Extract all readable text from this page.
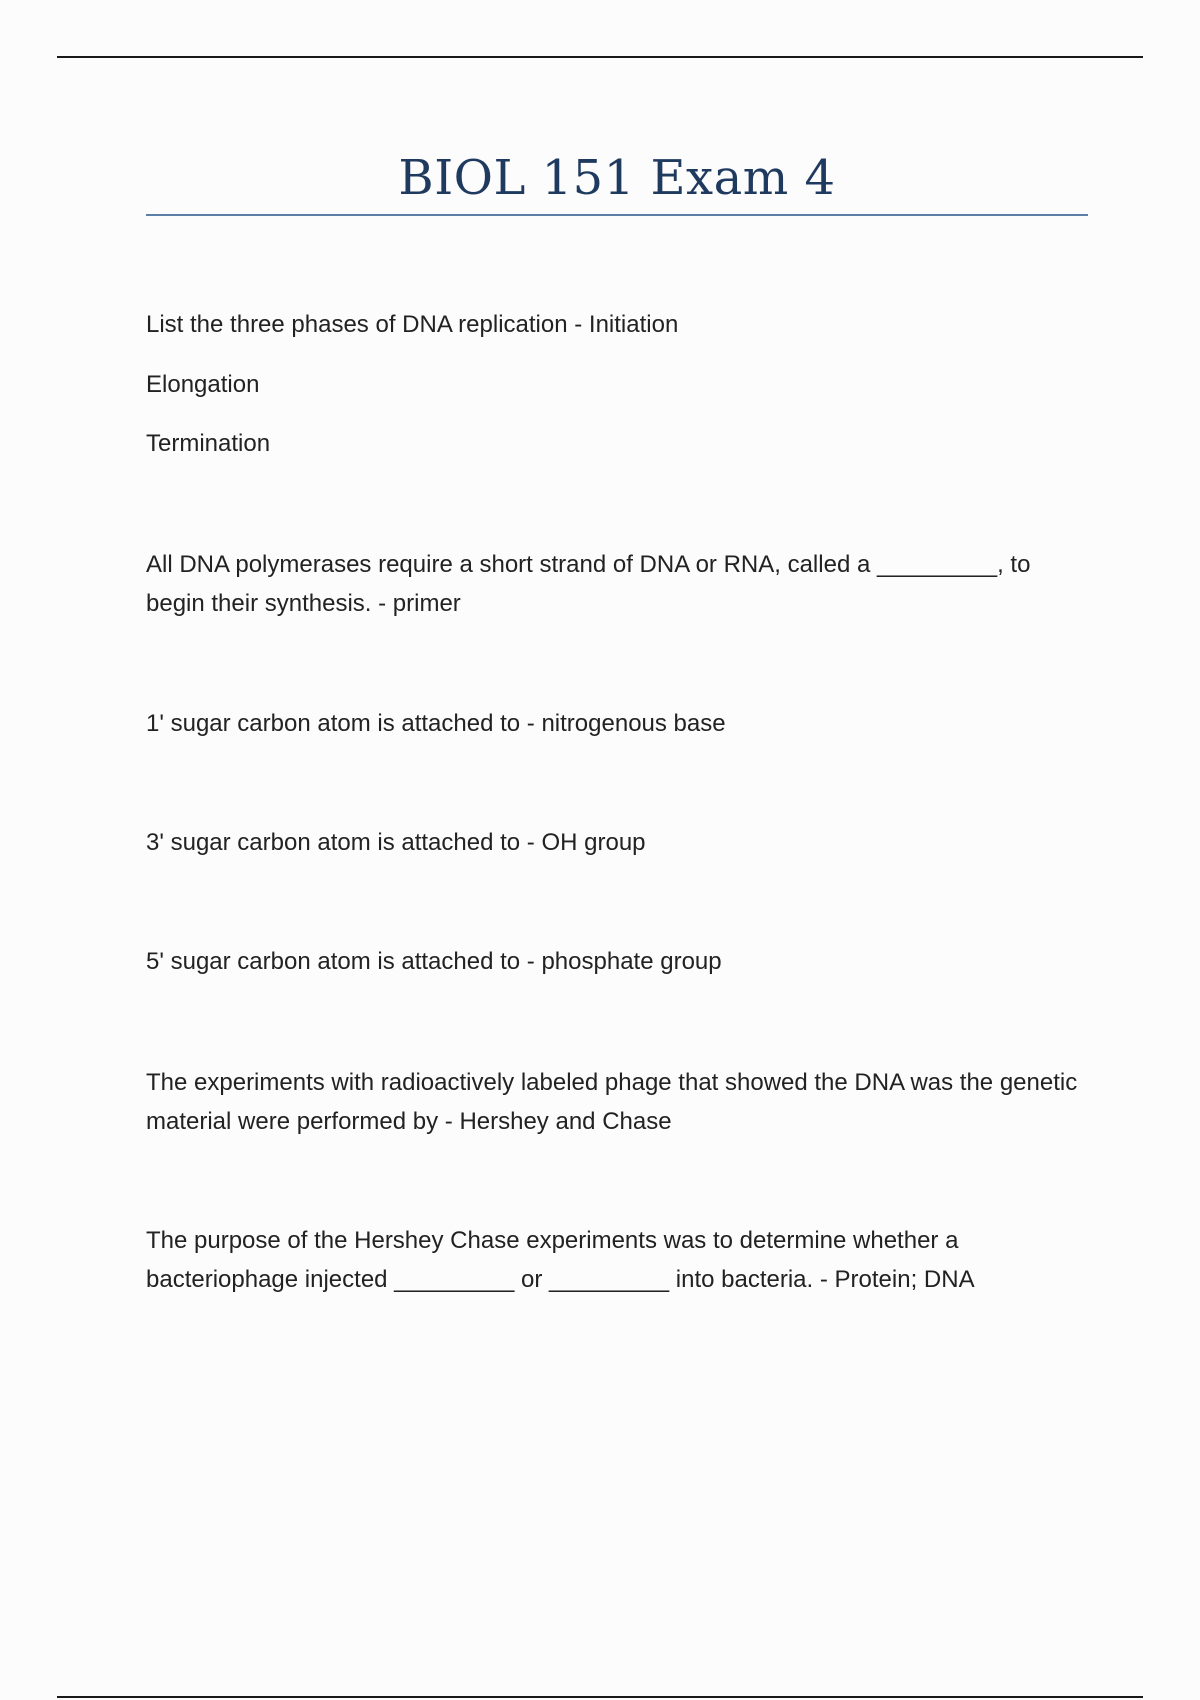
BIOL 151 Exam 4
List the three phases of DNA replication - Initiation
Elongation
Termination
All DNA polymerases require a short strand of DNA or RNA, called a _________, to begin their synthesis. - primer
1' sugar carbon atom is attached to - nitrogenous base
3' sugar carbon atom is attached to - OH group
5' sugar carbon atom is attached to - phosphate group
The experiments with radioactively labeled phage that showed the DNA was the genetic material were performed by - Hershey and Chase
The purpose of the Hershey Chase experiments was to determine whether a bacteriophage injected _________ or _________ into bacteria. - Protein; DNA
